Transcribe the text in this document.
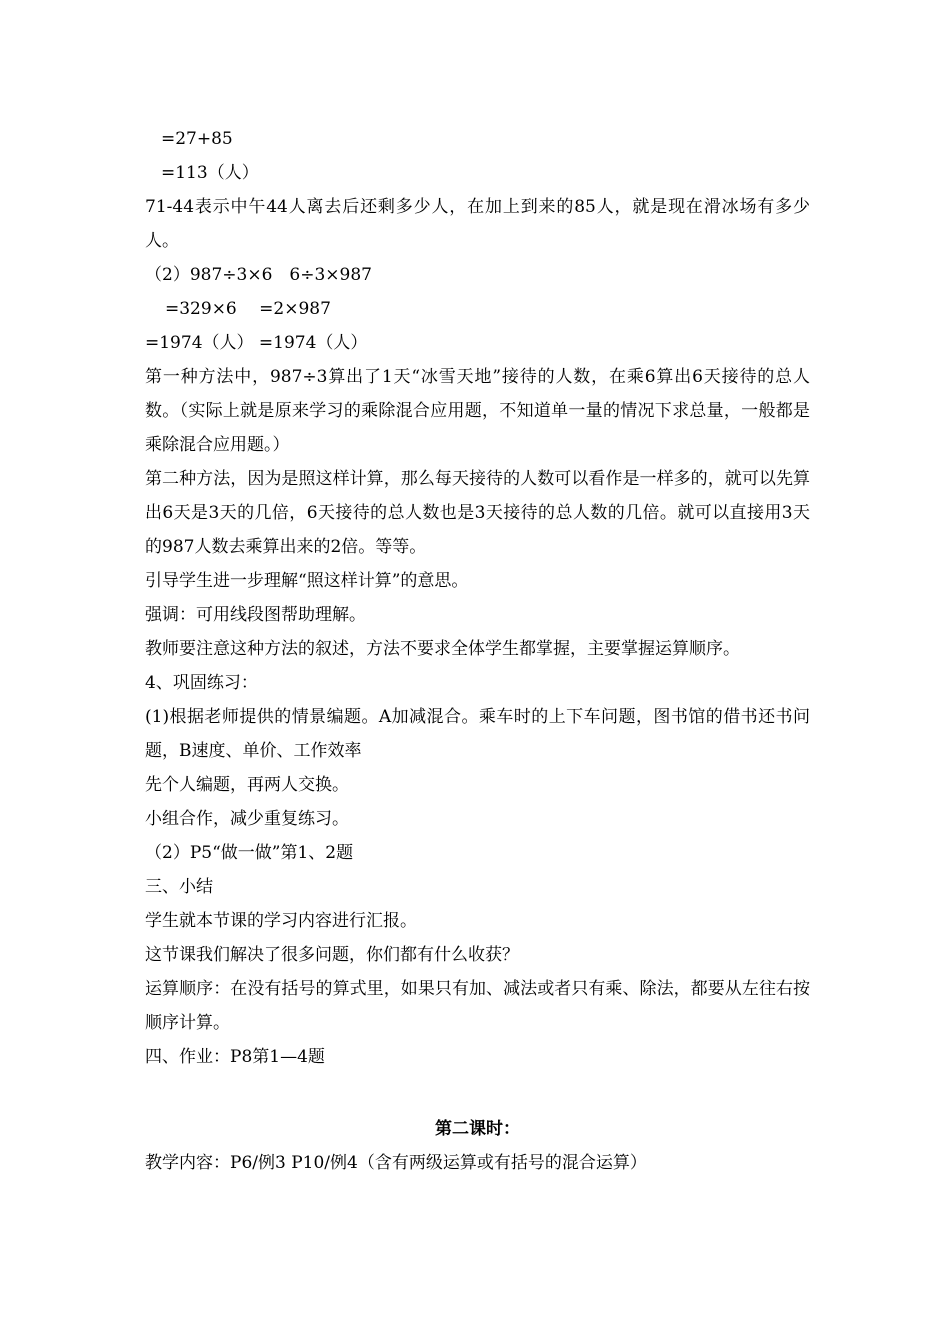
=27+85
=113（人）
71-44表示中午44人离去后还剩多少人，在加上到来的85人，就是现在滑冰场有多少人。
（2）987÷3×6　6÷3×987
=329×6　 =2×987
=1974（人） =1974（人）
第一种方法中，987÷3算出了1天“冰雪天地”接待的人数，在乘6算出6天接待的总人数。（实际上就是原来学习的乘除混合应用题，不知道单一量的情况下求总量，一般都是乘除混合应用题。）
第二种方法，因为是照这样计算，那么每天接待的人数可以看作是一样多的，就可以先算出6天是3天的几倍，6天接待的总人数也是3天接待的总人数的几倍。就可以直接用3天的987人数去乘算出来的2倍。等等。
引导学生进一步理解“照这样计算”的意思。
强调：可用线段图帮助理解。
教师要注意这种方法的叙述，方法不要求全体学生都掌握，主要掌握运算顺序。
4、巩固练习：
(1)根据老师提供的情景编题。A加减混合。乘车时的上下车问题，图书馆的借书还书问题，B速度、单价、工作效率
先个人编题，再两人交换。
小组合作，减少重复练习。
（2）P5“做一做”第1、2题
三、小结
学生就本节课的学习内容进行汇报。
这节课我们解决了很多问题，你们都有什么收获？
运算顺序：在没有括号的算式里，如果只有加、减法或者只有乘、除法，都要从左往右按顺序计算。
四、作业：P8第1—4题
第二课时：
教学内容：P6/例3 P10/例4（含有两级运算或有括号的混合运算）
